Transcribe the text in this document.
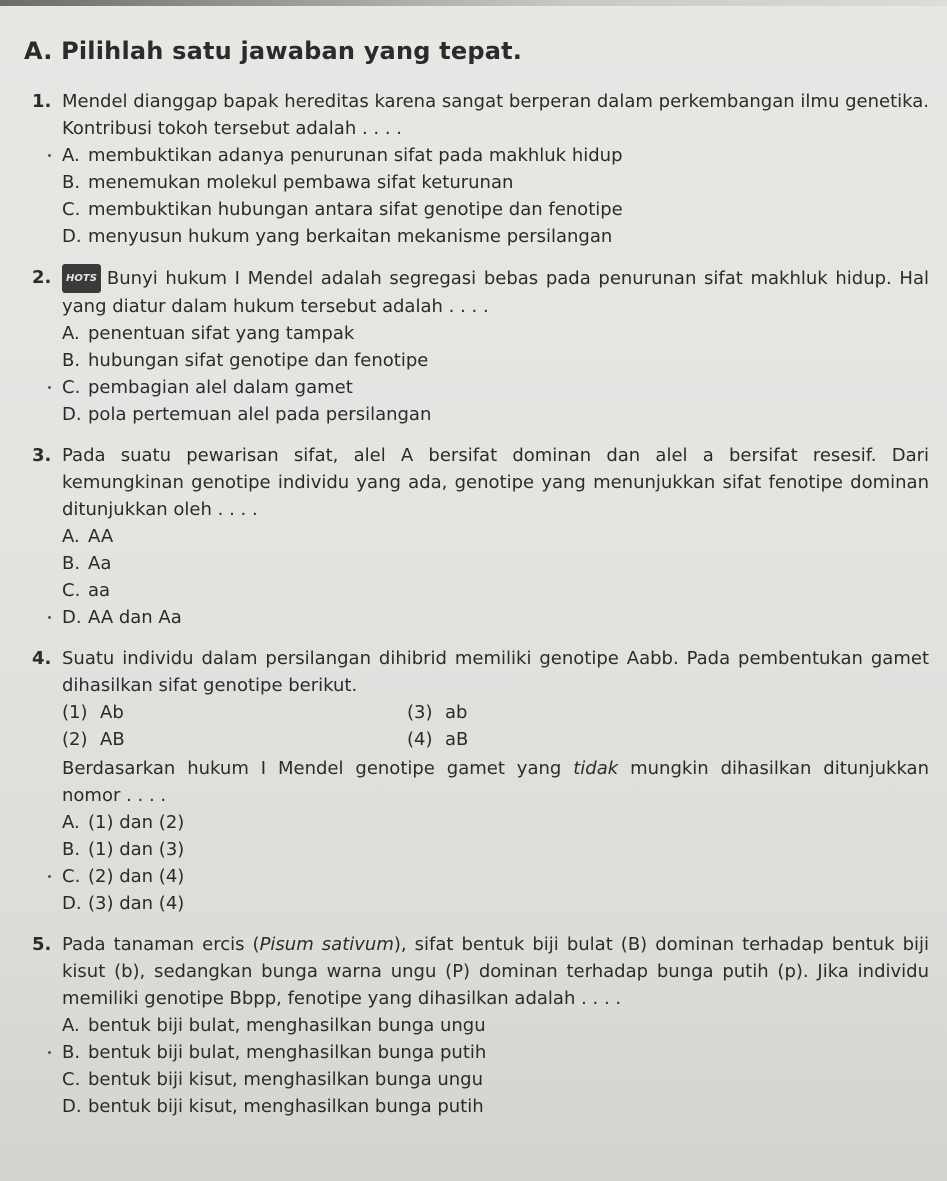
A. Pilihlah satu jawaban yang tepat.
1. Mendel dianggap bapak hereditas karena sangat berperan dalam perkembangan ilmu genetika. Kontribusi tokoh tersebut adalah . . . .
A. membuktikan adanya penurunan sifat pada makhluk hidup
B. menemukan molekul pembawa sifat keturunan
C. membuktikan hubungan antara sifat genotipe dan fenotipe
D. menyusun hukum yang berkaitan mekanisme persilangan
2.	HOTS Bunyi hukum I Mendel adalah segregasi bebas pada penurunan sifat makhluk hidup. Hal yang diatur dalam hukum tersebut adalah . . . .
A. penentuan sifat yang tampak
B. hubungan sifat genotipe dan fenotipe
C. pembagian alel dalam gamet
D. pola pertemuan alel pada persilangan
3. Pada suatu pewarisan sifat, alel A bersifat dominan dan alel a bersifat resesif. Dari kemungkinan genotipe individu yang ada, genotipe yang menunjukkan sifat fenotipe dominan ditunjukkan oleh . . . .
A. AA
B. Aa
C. aa
D. AA dan Aa
4. Suatu individu dalam persilangan dihibrid memiliki genotipe Aabb. Pada pembentukan gamet dihasilkan sifat genotipe berikut.
(1) Ab	(3) ab
(2) AB	(4) aB
Berdasarkan hukum I Mendel genotipe gamet yang tidak mungkin dihasilkan ditunjukkan nomor . . . .
A. (1) dan (2)
B. (1) dan (3)
C. (2) dan (4)
D. (3) dan (4)
5. Pada tanaman ercis (Pisum sativum), sifat bentuk biji bulat (B) dominan terhadap bentuk biji kisut (b), sedangkan bunga warna ungu (P) dominan terhadap bunga putih (p). Jika individu memiliki genotipe Bbpp, fenotipe yang dihasilkan adalah . . . .
A. bentuk biji bulat, menghasilkan bunga ungu
B. bentuk biji bulat, menghasilkan bunga putih
C. bentuk biji kisut, menghasilkan bunga ungu
D. bentuk biji kisut, menghasilkan bunga putih
